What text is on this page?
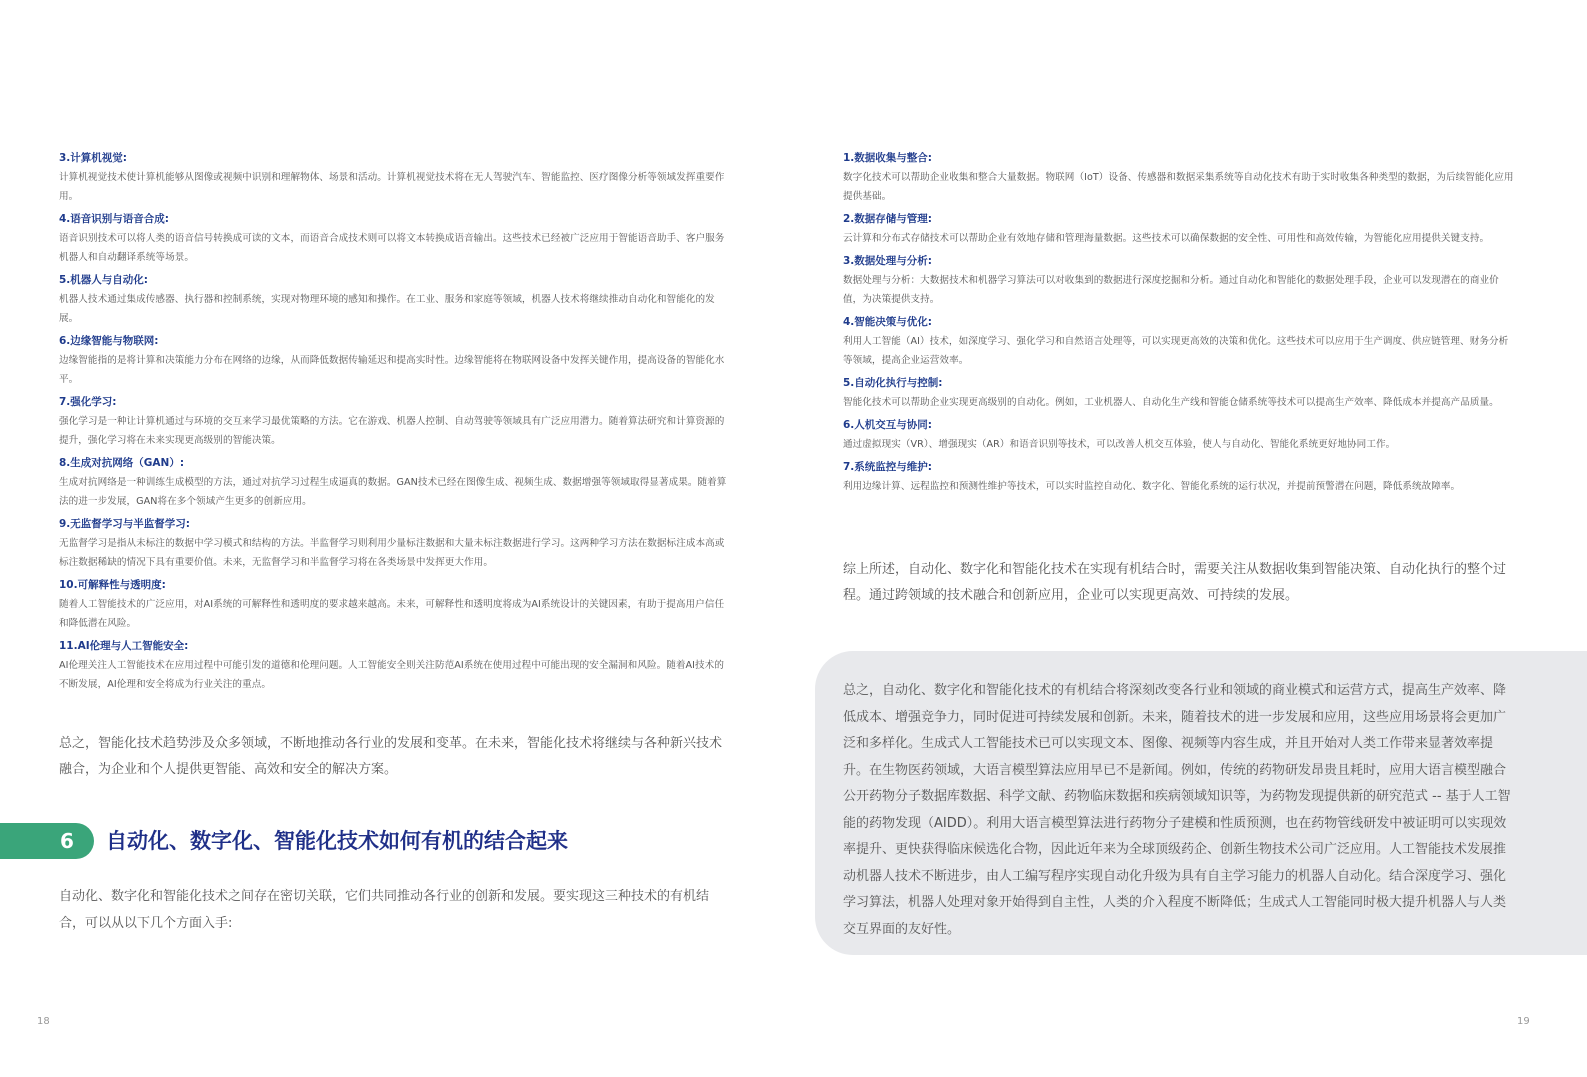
3.计算机视觉:

计算机视觉技术使计算机能够从图像或视频中识别和理解物体、场景和活动。计算机视觉技术将在无人驾驶汽车、智能监控、医疗图像分析等领域发挥重要作用。

4.语音识别与语音合成:

语音识别技术可以将人类的语音信号转换成可读的文本，而语音合成技术则可以将文本转换成语音输出。这些技术已经被广泛应用于智能语音助手、客户服务机器人和自动翻译系统等场景。

5.机器人与自动化:

机器人技术通过集成传感器、执行器和控制系统，实现对物理环境的感知和操作。在工业、服务和家庭等领域，机器人技术将继续推动自动化和智能化的发展。

6.边缘智能与物联网:

边缘智能指的是将计算和决策能力分布在网络的边缘，从而降低数据传输延迟和提高实时性。边缘智能将在物联网设备中发挥关键作用，提高设备的智能化水平。

7.强化学习:

强化学习是一种让计算机通过与环境的交互来学习最优策略的方法。它在游戏、机器人控制、自动驾驶等领域具有广泛应用潜力。随着算法研究和计算资源的提升，强化学习将在未来实现更高级别的智能决策。

8.生成对抗网络（GAN）:

生成对抗网络是一种训练生成模型的方法，通过对抗学习过程生成逼真的数据。GAN技术已经在图像生成、视频生成、数据增强等领域取得显著成果。随着算法的进一步发展，GAN将在多个领域产生更多的创新应用。

9.无监督学习与半监督学习:

无监督学习是指从未标注的数据中学习模式和结构的方法。半监督学习则利用少量标注数据和大量未标注数据进行学习。这两种学习方法在数据标注成本高或标注数据稀缺的情况下具有重要价值。未来，无监督学习和半监督学习将在各类场景中发挥更大作用。

10.可解释性与透明度:

随着人工智能技术的广泛应用，对AI系统的可解释性和透明度的要求越来越高。未来，可解释性和透明度将成为AI系统设计的关键因素，有助于提高用户信任和降低潜在风险。

11.AI伦理与人工智能安全:

AI伦理关注人工智能技术在应用过程中可能引发的道德和伦理问题。人工智能安全则关注防范AI系统在使用过程中可能出现的安全漏洞和风险。随着AI技术的不断发展，AI伦理和安全将成为行业关注的重点。

总之，智能化技术趋势涉及众多领域，不断地推动各行业的发展和变革。在未来，智能化技术将继续与各种新兴技术融合，为企业和个人提供更智能、高效和安全的解决方案。

6 自动化、数字化、智能化技术如何有机的结合起来

自动化、数字化和智能化技术之间存在密切关联，它们共同推动各行业的创新和发展。要实现这三种技术的有机结合，可以从以下几个方面入手:

18

1.数据收集与整合:

数字化技术可以帮助企业收集和整合大量数据。物联网（IoT）设备、传感器和数据采集系统等自动化技术有助于实时收集各种类型的数据，为后续智能化应用提供基础。

2.数据存储与管理:

云计算和分布式存储技术可以帮助企业有效地存储和管理海量数据。这些技术可以确保数据的安全性、可用性和高效传输，为智能化应用提供关键支持。

3.数据处理与分析:

数据处理与分析：大数据技术和机器学习算法可以对收集到的数据进行深度挖掘和分析。通过自动化和智能化的数据处理手段，企业可以发现潜在的商业价值，为决策提供支持。

4.智能决策与优化:

利用人工智能（AI）技术，如深度学习、强化学习和自然语言处理等，可以实现更高效的决策和优化。这些技术可以应用于生产调度、供应链管理、财务分析等领域，提高企业运营效率。

5.自动化执行与控制:

智能化技术可以帮助企业实现更高级别的自动化。例如，工业机器人、自动化生产线和智能仓储系统等技术可以提高生产效率、降低成本并提高产品质量。

6.人机交互与协同:

通过虚拟现实（VR）、增强现实（AR）和语音识别等技术，可以改善人机交互体验，使人与自动化、智能化系统更好地协同工作。

7.系统监控与维护:

利用边缘计算、远程监控和预测性维护等技术，可以实时监控自动化、数字化、智能化系统的运行状况，并提前预警潜在问题，降低系统故障率。

综上所述，自动化、数字化和智能化技术在实现有机结合时，需要关注从数据收集到智能决策、自动化执行的整个过程。通过跨领域的技术融合和创新应用，企业可以实现更高效、可持续的发展。

总之，自动化、数字化和智能化技术的有机结合将深刻改变各行业和领域的商业模式和运营方式，提高生产效率、降低成本、增强竞争力，同时促进可持续发展和创新。未来，随着技术的进一步发展和应用，这些应用场景将会更加广泛和多样化。生成式人工智能技术已可以实现文本、图像、视频等内容生成，并且开始对人类工作带来显著效率提升。在生物医药领域，大语言模型算法应用早已不是新闻。例如，传统的药物研发昂贵且耗时，应用大语言模型融合公开药物分子数据库数据、科学文献、药物临床数据和疾病领域知识等，为药物发现提供新的研究范式 -- 基于人工智能的药物发现（AIDD）。利用大语言模型算法进行药物分子建模和性质预测，也在药物管线研发中被证明可以实现效率提升、更快获得临床候选化合物，因此近年来为全球顶级药企、创新生物技术公司广泛应用。人工智能技术发展推动机器人技术不断进步，由人工编写程序实现自动化升级为具有自主学习能力的机器人自动化。结合深度学习、强化学习算法，机器人处理对象开始得到自主性，人类的介入程度不断降低；生成式人工智能同时极大提升机器人与人类交互界面的友好性。

19
